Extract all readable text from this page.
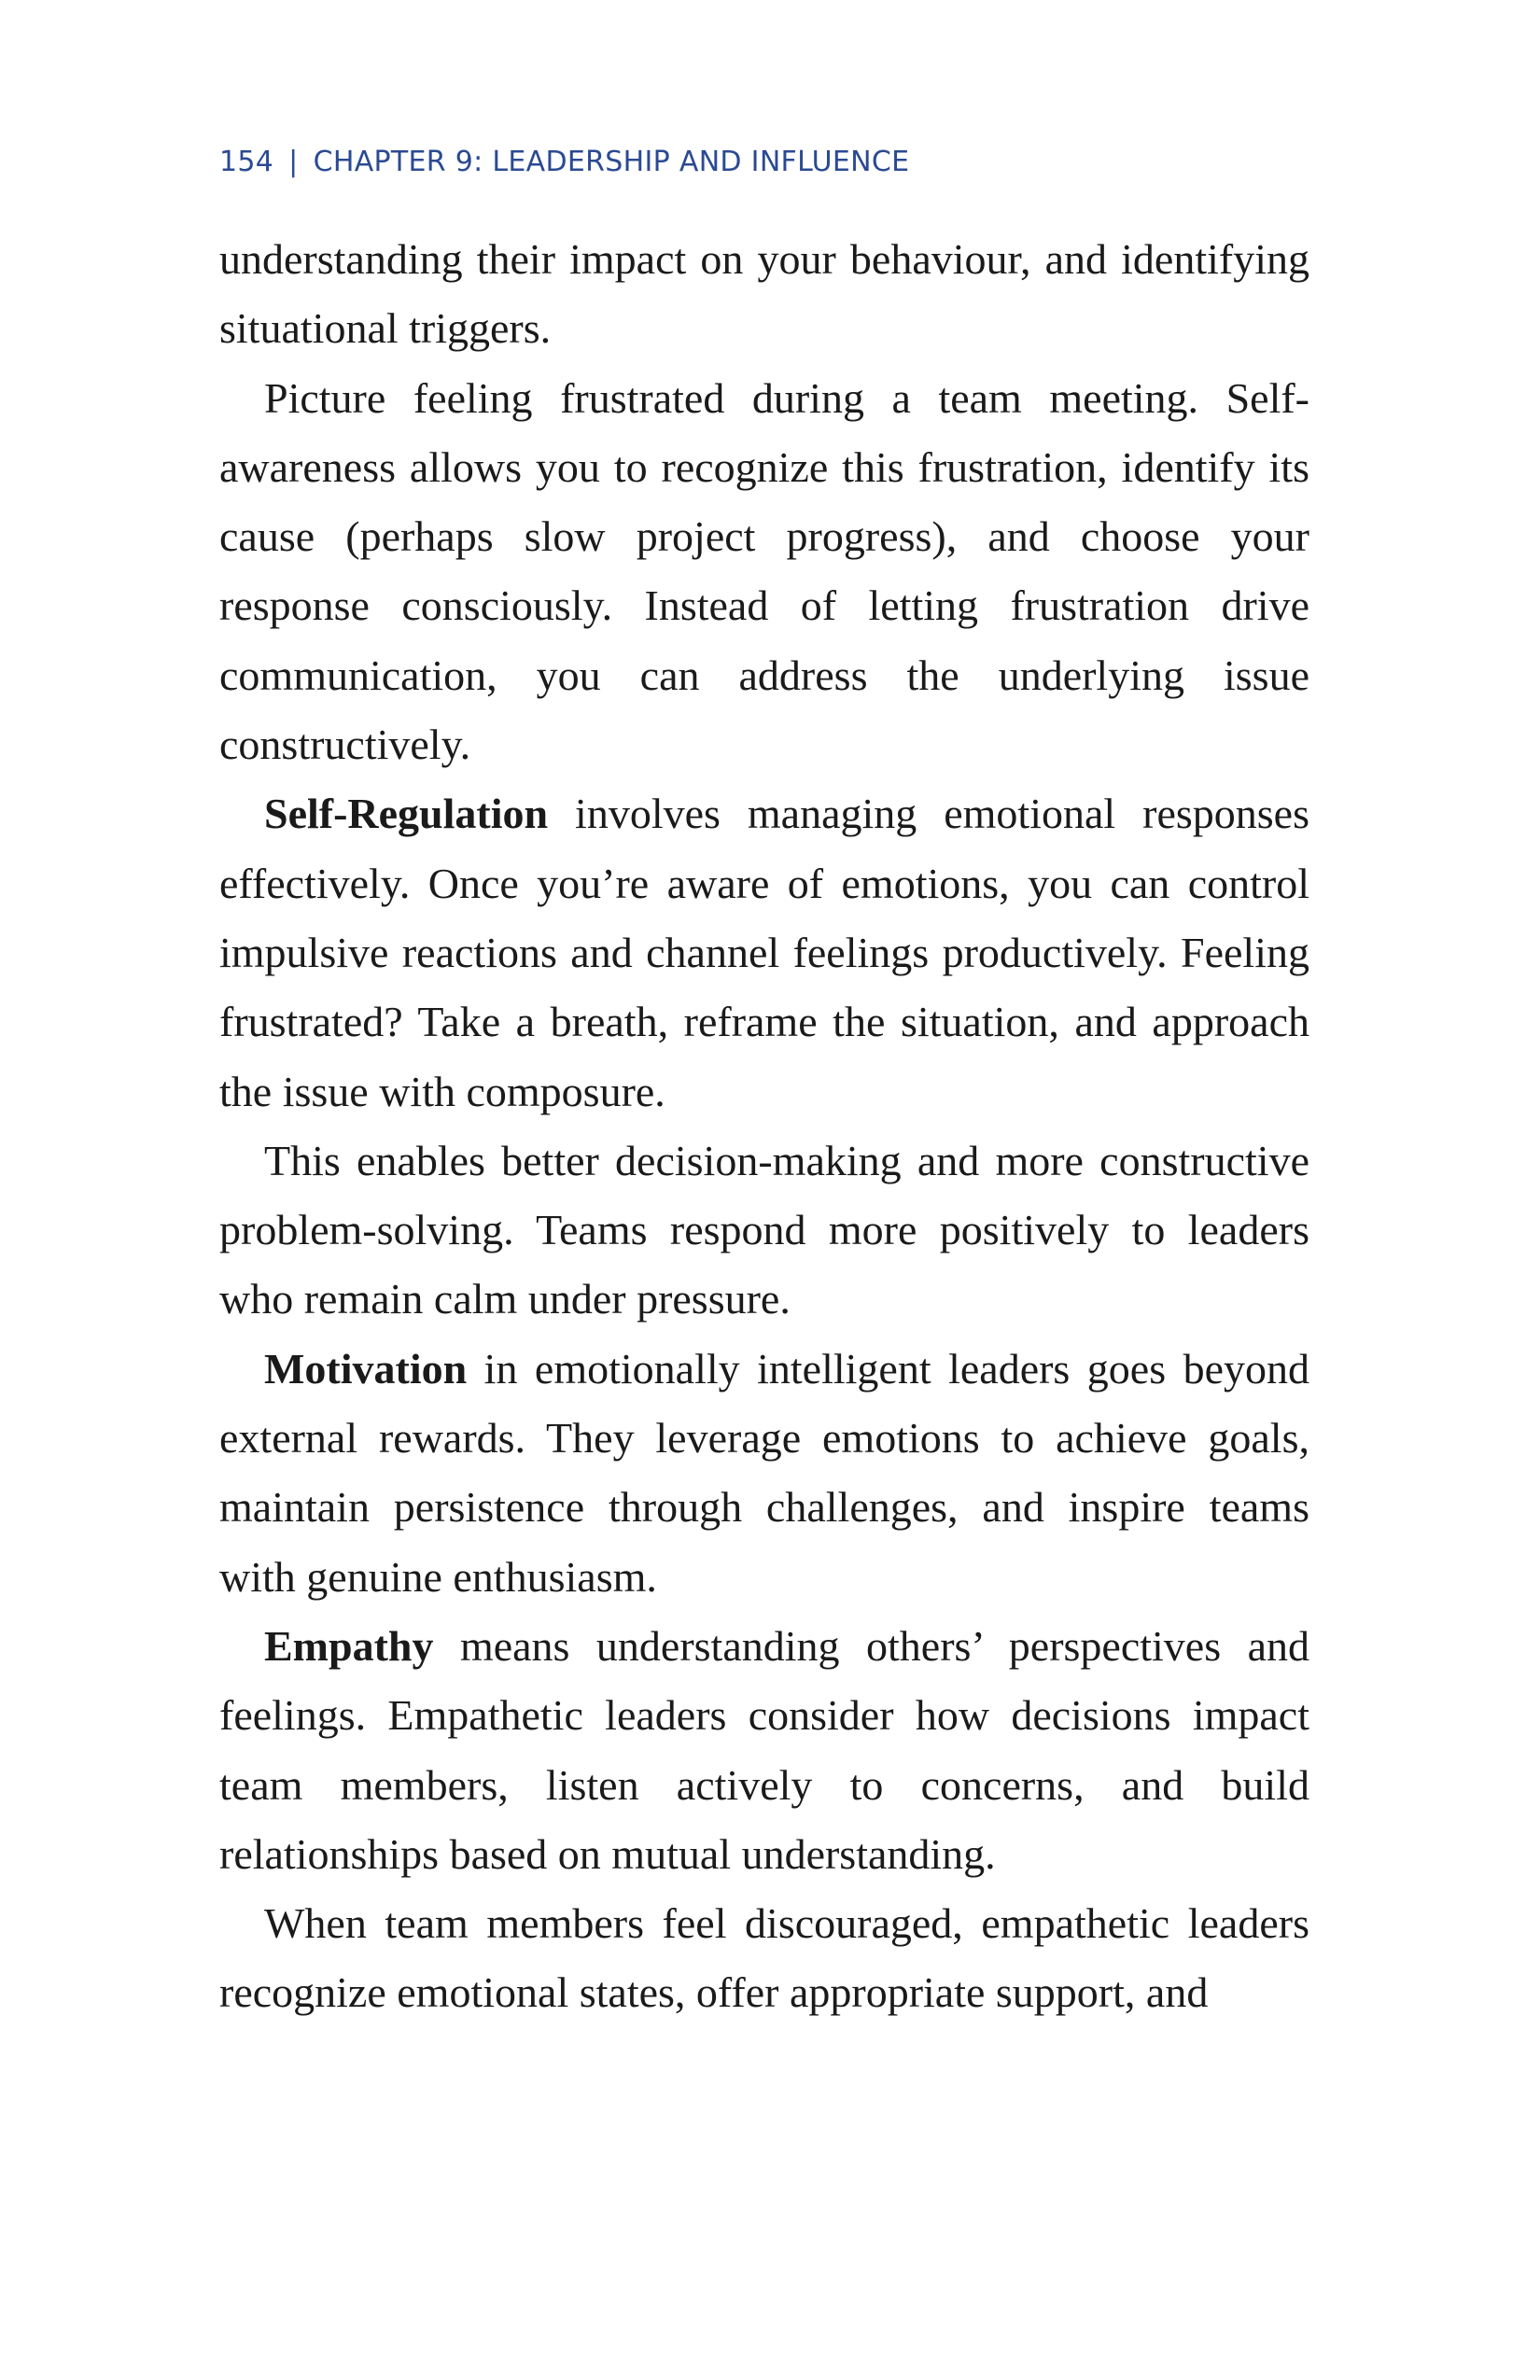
154 | CHAPTER 9: LEADERSHIP AND INFLUENCE

understanding their impact on your behaviour, and identifying situational triggers.

Picture feeling frustrated during a team meeting. Self-awareness allows you to recognize this frustration, identify its cause (perhaps slow project progress), and choose your response consciously. Instead of letting frustration drive communication, you can address the underlying issue constructively.

Self-Regulation involves managing emotional responses effectively. Once you’re aware of emotions, you can control impulsive reactions and channel feelings productively. Feeling frustrated? Take a breath, reframe the situation, and approach the issue with composure.

This enables better decision-making and more constructive problem-solving. Teams respond more positively to leaders who remain calm under pressure.

Motivation in emotionally intelligent leaders goes beyond external rewards. They leverage emotions to achieve goals, maintain persistence through challenges, and inspire teams with genuine enthusiasm.

Empathy means understanding others’ perspectives and feelings. Empathetic leaders consider how decisions impact team members, listen actively to concerns, and build relationships based on mutual understanding.

When team members feel discouraged, empathetic leaders recognize emotional states, offer appropriate support, and
